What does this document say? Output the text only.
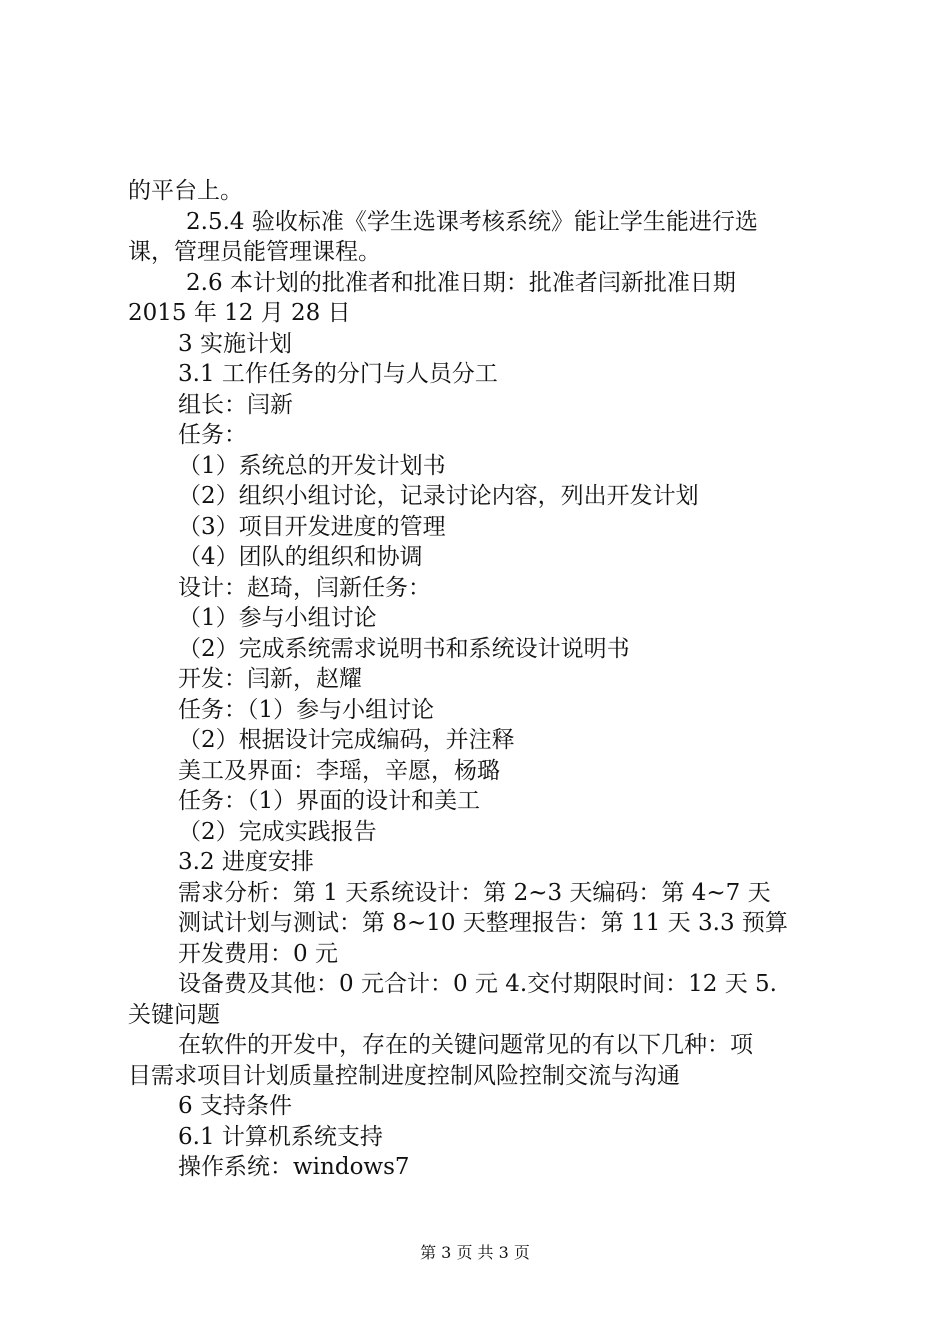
的平台上。
2.5.4 验收标准《学生选课考核系统》能让学生能进行选
课，管理员能管理课程。
2.6 本计划的批准者和批准日期：批准者闫新批准日期
2015 年 12 月 28 日
3 实施计划
3.1 工作任务的分门与人员分工
组长：闫新
任务：
（1）系统总的开发计划书
（2）组织小组讨论，记录讨论内容，列出开发计划
（3）项目开发进度的管理
（4）团队的组织和协调
设计：赵琦，闫新任务：
（1）参与小组讨论
（2）完成系统需求说明书和系统设计说明书
开发：闫新，赵耀
任务：（1）参与小组讨论
（2）根据设计完成编码，并注释
美工及界面：李瑶，辛愿，杨璐
任务：（1）界面的设计和美工
（2）完成实践报告
3.2 进度安排
需求分析：第 1 天系统设计：第 2~3 天编码：第 4~7 天
测试计划与测试：第 8~10 天整理报告：第 11 天 3.3 预算
开发费用：0 元
设备费及其他：0 元合计：0 元 4.交付期限时间：12 天 5.
关键问题
在软件的开发中，存在的关键问题常见的有以下几种：项
目需求项目计划质量控制进度控制风险控制交流与沟通
6 支持条件
6.1 计算机系统支持
操作系统：windows7
第 3 页 共 3 页
